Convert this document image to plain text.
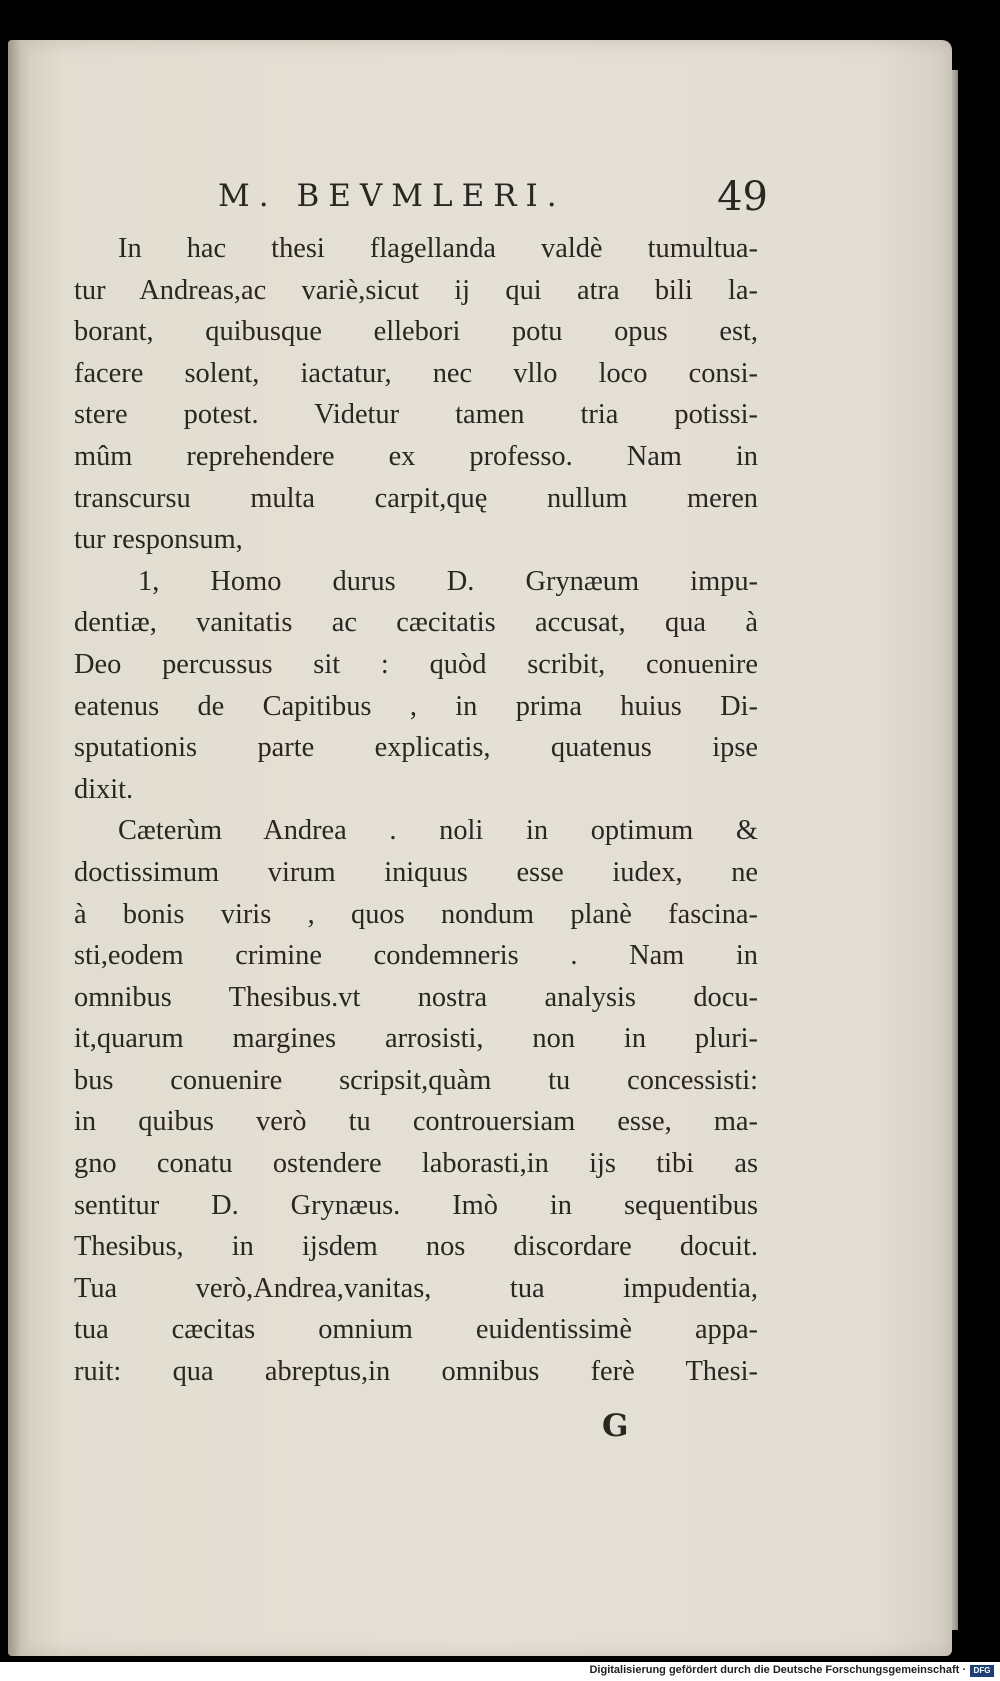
M. BEVMLERI.	49
In hac thesi flagellanda valdè tumultua-
tur Andreas,ac variè,sicut ij qui atra bili la-
borant, quibusque ellebori potu opus est,
facere solent, iactatur, nec vllo loco consi-
stere potest. Videtur tamen tria potissi-
mûm reprehendere ex professo. Nam in
transcursu multa carpit,quę nullum meren
tur responsum,
1, Homo durus D. Grynæum impu-
dentiæ, vanitatis ac cæcitatis accusat, qua à
Deo percussus sit : quòd scribit, conuenire
eatenus de Capitibus , in prima huius Di-
sputationis parte explicatis, quatenus ipse
dixit.
Cæterùm Andrea . noli in optimum &
doctissimum virum iniquus esse iudex, ne
à bonis viris , quos nondum planè fascina-
sti,eodem crimine condemneris . Nam in
omnibus Thesibus.vt nostra analysis docu-
it,quarum margines arrosisti, non in pluri-
bus conuenire scripsit,quàm tu concessisti:
in quibus verò tu controuersiam esse, ma-
gno conatu ostendere laborasti,in ijs tibi as
sentitur D. Grynæus. Imò in sequentibus
Thesibus, in ijsdem nos discordare docuit.
Tua verò,Andrea,vanitas, tua impudentia,
tua cæcitas omnium euidentissimè appa-
ruit: qua abreptus,in omnibus ferè Thesi-
G
Digitalisierung gefördert durch die Deutsche Forschungsgemeinschaft · DFG
